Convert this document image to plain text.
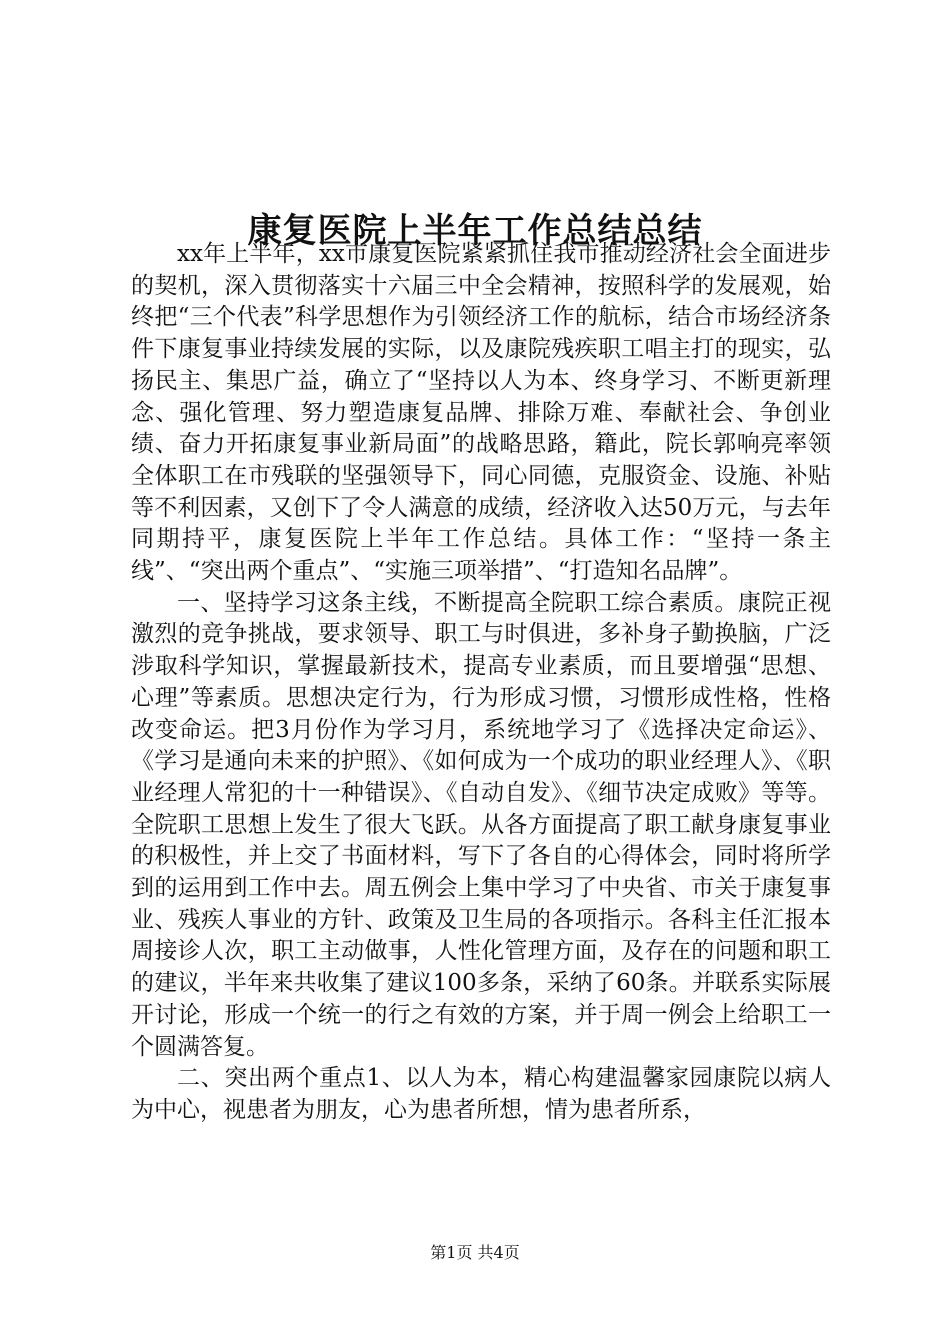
康复医院上半年工作总结总结

xx年上半年，xx市康复医院紧紧抓住我市推动经济社会全面进步的契机，深入贯彻落实十六届三中全会精神，按照科学的发展观，始终把“三个代表”科学思想作为引领经济工作的航标，结合市场经济条件下康复事业持续发展的实际，以及康院残疾职工唱主打的现实，弘扬民主、集思广益，确立了“坚持以人为本、终身学习、不断更新理念、强化管理、努力塑造康复品牌、排除万难、奉献社会、争创业绩、奋力开拓康复事业新局面”的战略思路，籍此，院长郭响亮率领全体职工在市残联的坚强领导下，同心同德，克服资金、设施、补贴等不利因素，又创下了令人满意的成绩，经济收入达50万元，与去年同期持平，康复医院上半年工作总结。具体工作：“坚持一条主线”、“突出两个重点”、“实施三项举措”、“打造知名品牌”。

一、坚持学习这条主线，不断提高全院职工综合素质。康院正视激烈的竞争挑战，要求领导、职工与时俱进，多补身子勤换脑，广泛涉取科学知识，掌握最新技术，提高专业素质，而且要增强“思想、心理”等素质。思想决定行为，行为形成习惯，习惯形成性格，性格改变命运。把3月份作为学习月，系统地学习了《选择决定命运》、《学习是通向未来的护照》、《如何成为一个成功的职业经理人》、《职业经理人常犯的十一种错误》、《自动自发》、《细节决定成败》等等。全院职工思想上发生了很大飞跃。从各方面提高了职工献身康复事业的积极性，并上交了书面材料，写下了各自的心得体会，同时将所学到的运用到工作中去。周五例会上集中学习了中央省、市关于康复事业、残疾人事业的方针、政策及卫生局的各项指示。各科主任汇报本周接诊人次，职工主动做事，人性化管理方面，及存在的问题和职工的建议，半年来共收集了建议100多条，采纳了60条。并联系实际展开讨论，形成一个统一的行之有效的方案，并于周一例会上给职工一个圆满答复。

二、突出两个重点1、以人为本，精心构建温馨家园康院以病人为中心，视患者为朋友，心为患者所想，情为患者所系，

第1页 共4页
